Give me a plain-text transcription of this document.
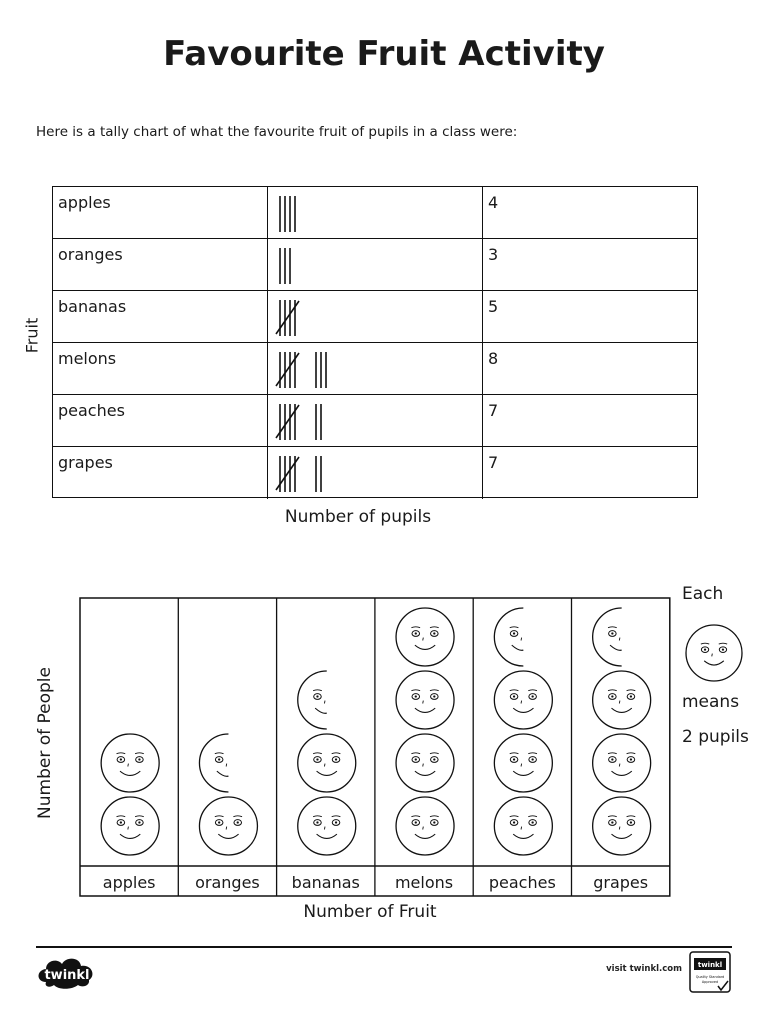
Favourite Fruit Activity
Here is a tally chart of what the favourite fruit of pupils in a class were:
apples	4
oranges	3
bananas	5
melons	8
peaches	7
grapes	7
Fruit
Number of pupils
apples oranges bananas melons peaches grapes
Number of People
Number of Fruit
Each
means
2 pupils
twinkl	visit twinkl.com twinkl
Quality Standard
Approved
